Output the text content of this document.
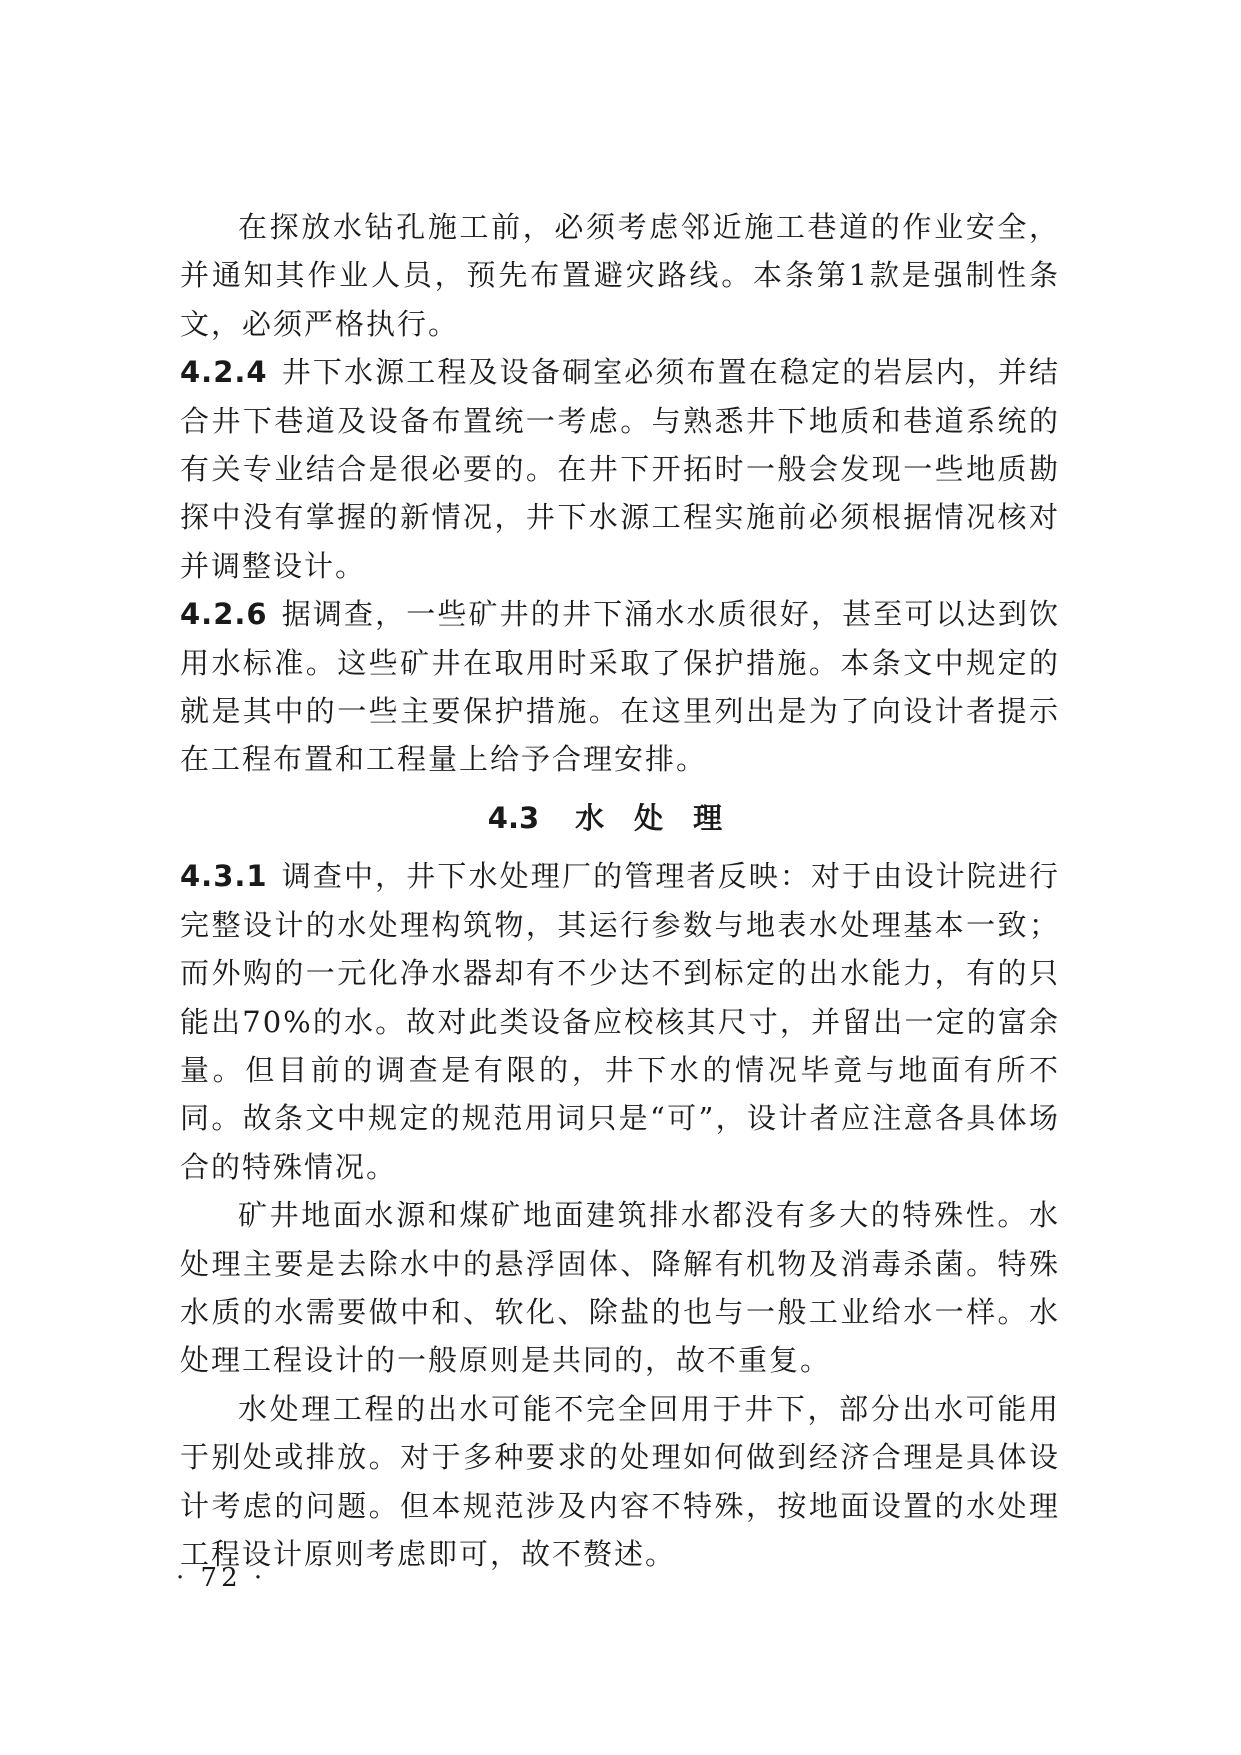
在探放水钻孔施工前，必须考虑邻近施工巷道的作业安全，并通知其作业人员，预先布置避灾路线。本条第1款是强制性条文，必须严格执行。

4.2.4 井下水源工程及设备硐室必须布置在稳定的岩层内，并结合井下巷道及设备布置统一考虑。与熟悉井下地质和巷道系统的有关专业结合是很必要的。在井下开拓时一般会发现一些地质勘探中没有掌握的新情况，井下水源工程实施前必须根据情况核对并调整设计。

4.2.6 据调查，一些矿井的井下涌水水质很好，甚至可以达到饮用水标准。这些矿井在取用时采取了保护措施。本条文中规定的就是其中的一些主要保护措施。在这里列出是为了向设计者提示在工程布置和工程量上给予合理安排。

4.3 水处理

4.3.1 调查中，井下水处理厂的管理者反映：对于由设计院进行完整设计的水处理构筑物，其运行参数与地表水处理基本一致；而外购的一元化净水器却有不少达不到标定的出水能力，有的只能出70%的水。故对此类设备应校核其尺寸，并留出一定的富余量。但目前的调查是有限的，井下水的情况毕竟与地面有所不同。故条文中规定的规范用词只是“可”，设计者应注意各具体场合的特殊情况。

矿井地面水源和煤矿地面建筑排水都没有多大的特殊性。水处理主要是去除水中的悬浮固体、降解有机物及消毒杀菌。特殊水质的水需要做中和、软化、除盐的也与一般工业给水一样。水处理工程设计的一般原则是共同的，故不重复。

水处理工程的出水可能不完全回用于井下，部分出水可能用于别处或排放。对于多种要求的处理如何做到经济合理是具体设计考虑的问题。但本规范涉及内容不特殊，按地面设置的水处理工程设计原则考虑即可，故不赘述。

· 72 ·
